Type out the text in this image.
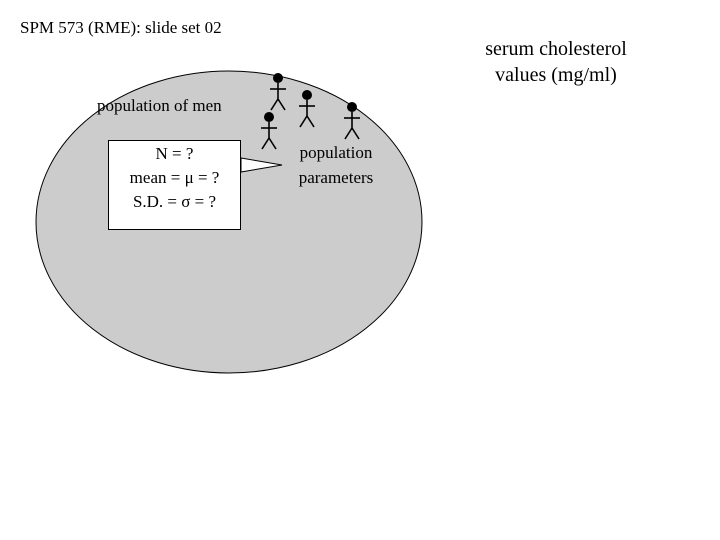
SPM 573 (RME): slide set 02
serum cholesterol
values (mg/ml)
population of men
N = ?
mean = μ = ?
S.D. = σ = ?
population
parameters
